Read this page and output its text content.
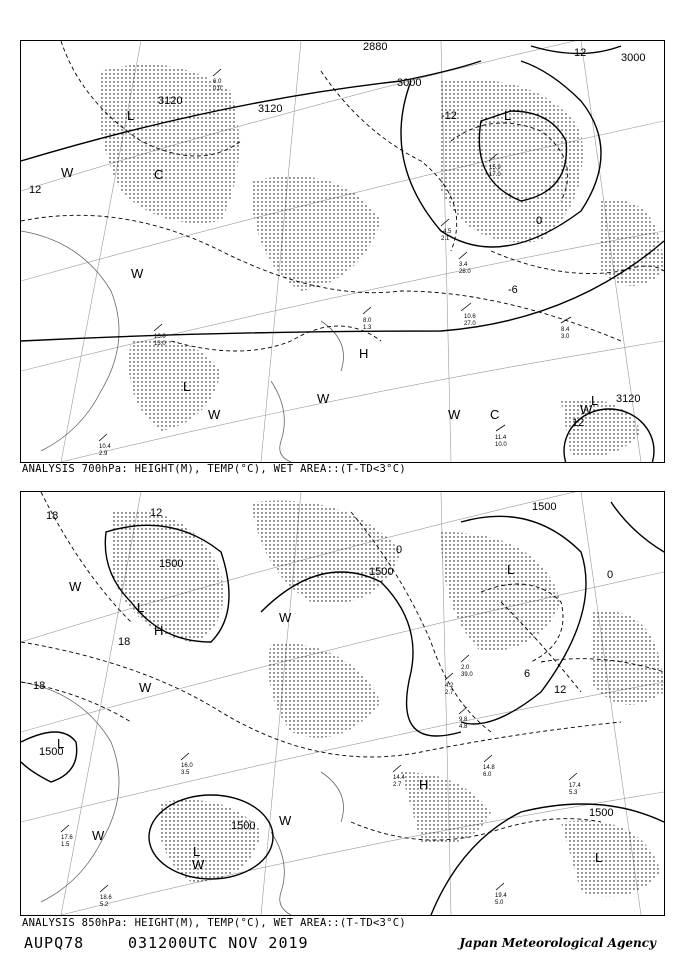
3120
3120
3000
2880
3000
3120
12
12
0
-6
-12
12
L
L
H
L
L
W
W
W
W
W
C
C	W
10.6
27.0
8.4
3.0
11.4
10.0
8.0
1.3
-4.5
2.1
3.4
28.0
10.0
13.0
15.9
17.0
10.4
2.9
6.0
0.0
ANALYSIS 700hPa: HEIGHT(M), TEMP(°C), WET AREA::(T-TD<3°C)
1500
1500
1500
1500
1500
1500
18	12
18
18
0
6
12
0
L
H
L
H
L	L
L
W
W
W
W
W
W
17.4
5.3
19.4
5.0
14.8
6.0
14.4
2.7
9.8
4.8
2.0
39.0
4.2
2.7
18.6
5.2
17.6
1.5
16.0
3.5
ANALYSIS 850hPa: HEIGHT(M), TEMP(°C), WET AREA::(T-TD<3°C)
AUPQ78	031200UTC NOV 2019	Japan Meteorological Agency
